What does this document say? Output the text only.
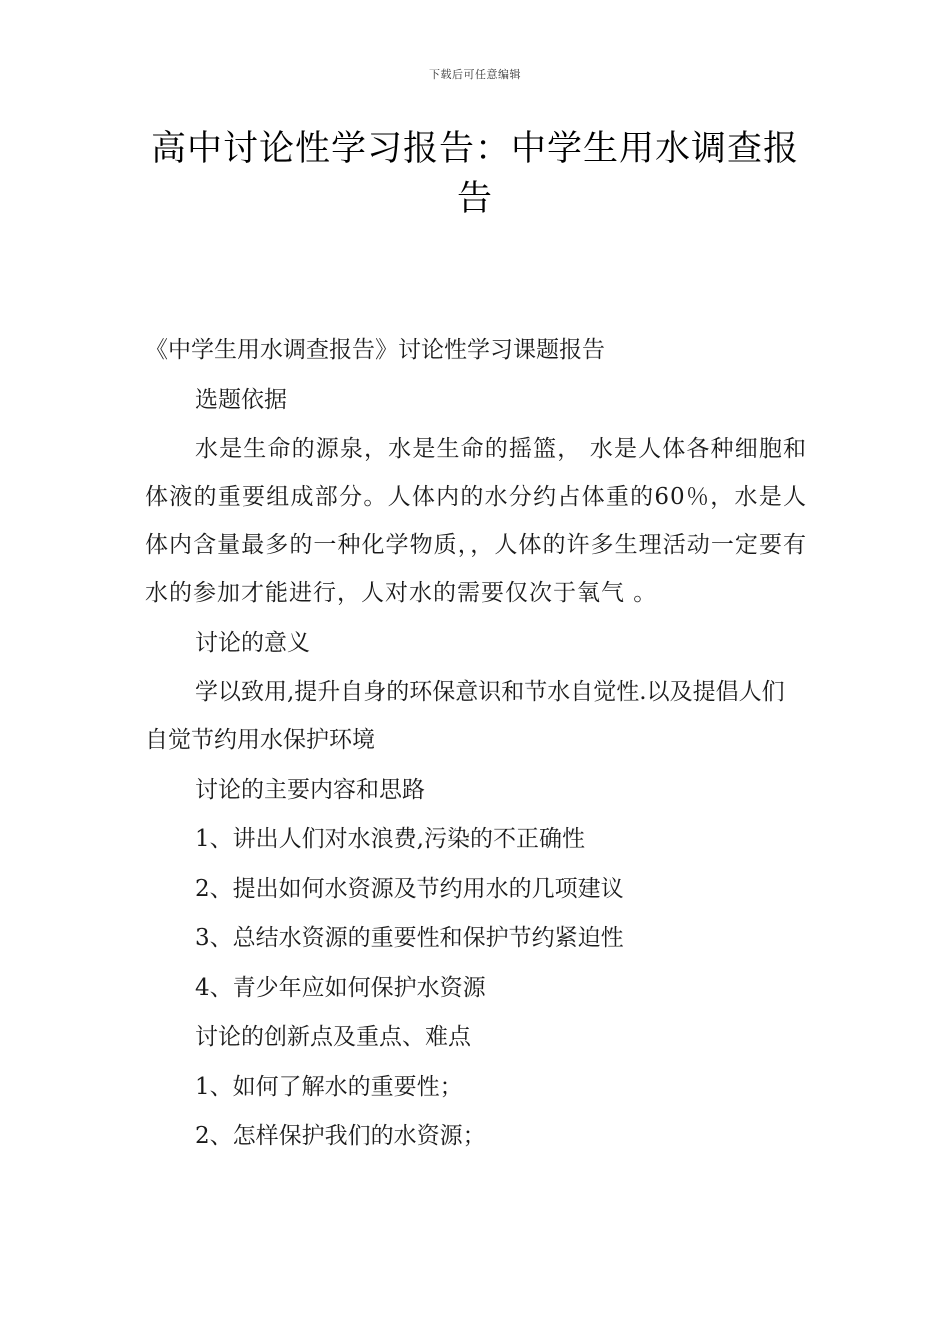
下载后可任意编辑
高中讨论性学习报告：中学生用水调查报告

《中学生用水调查报告》讨论性学习课题报告

选题依据

水是生命的源泉，水是生命的摇篮， 水是人体各种细胞和体液的重要组成部分。人体内的水分约占体重的60％，水是人体内含量最多的一种化学物质，，人体的许多生理活动一定要有水的参加才能进行，人对水的需要仅次于氧气 。

讨论的意义

学以致用,提升自身的环保意识和节水自觉性.以及提倡人们自觉节约用水保护环境

讨论的主要内容和思路

1、讲出人们对水浪费,污染的不正确性

2、提出如何水资源及节约用水的几项建议

3、总结水资源的重要性和保护节约紧迫性

4、青少年应如何保护水资源

讨论的创新点及重点、难点

1、如何了解水的重要性；

2、怎样保护我们的水资源；
